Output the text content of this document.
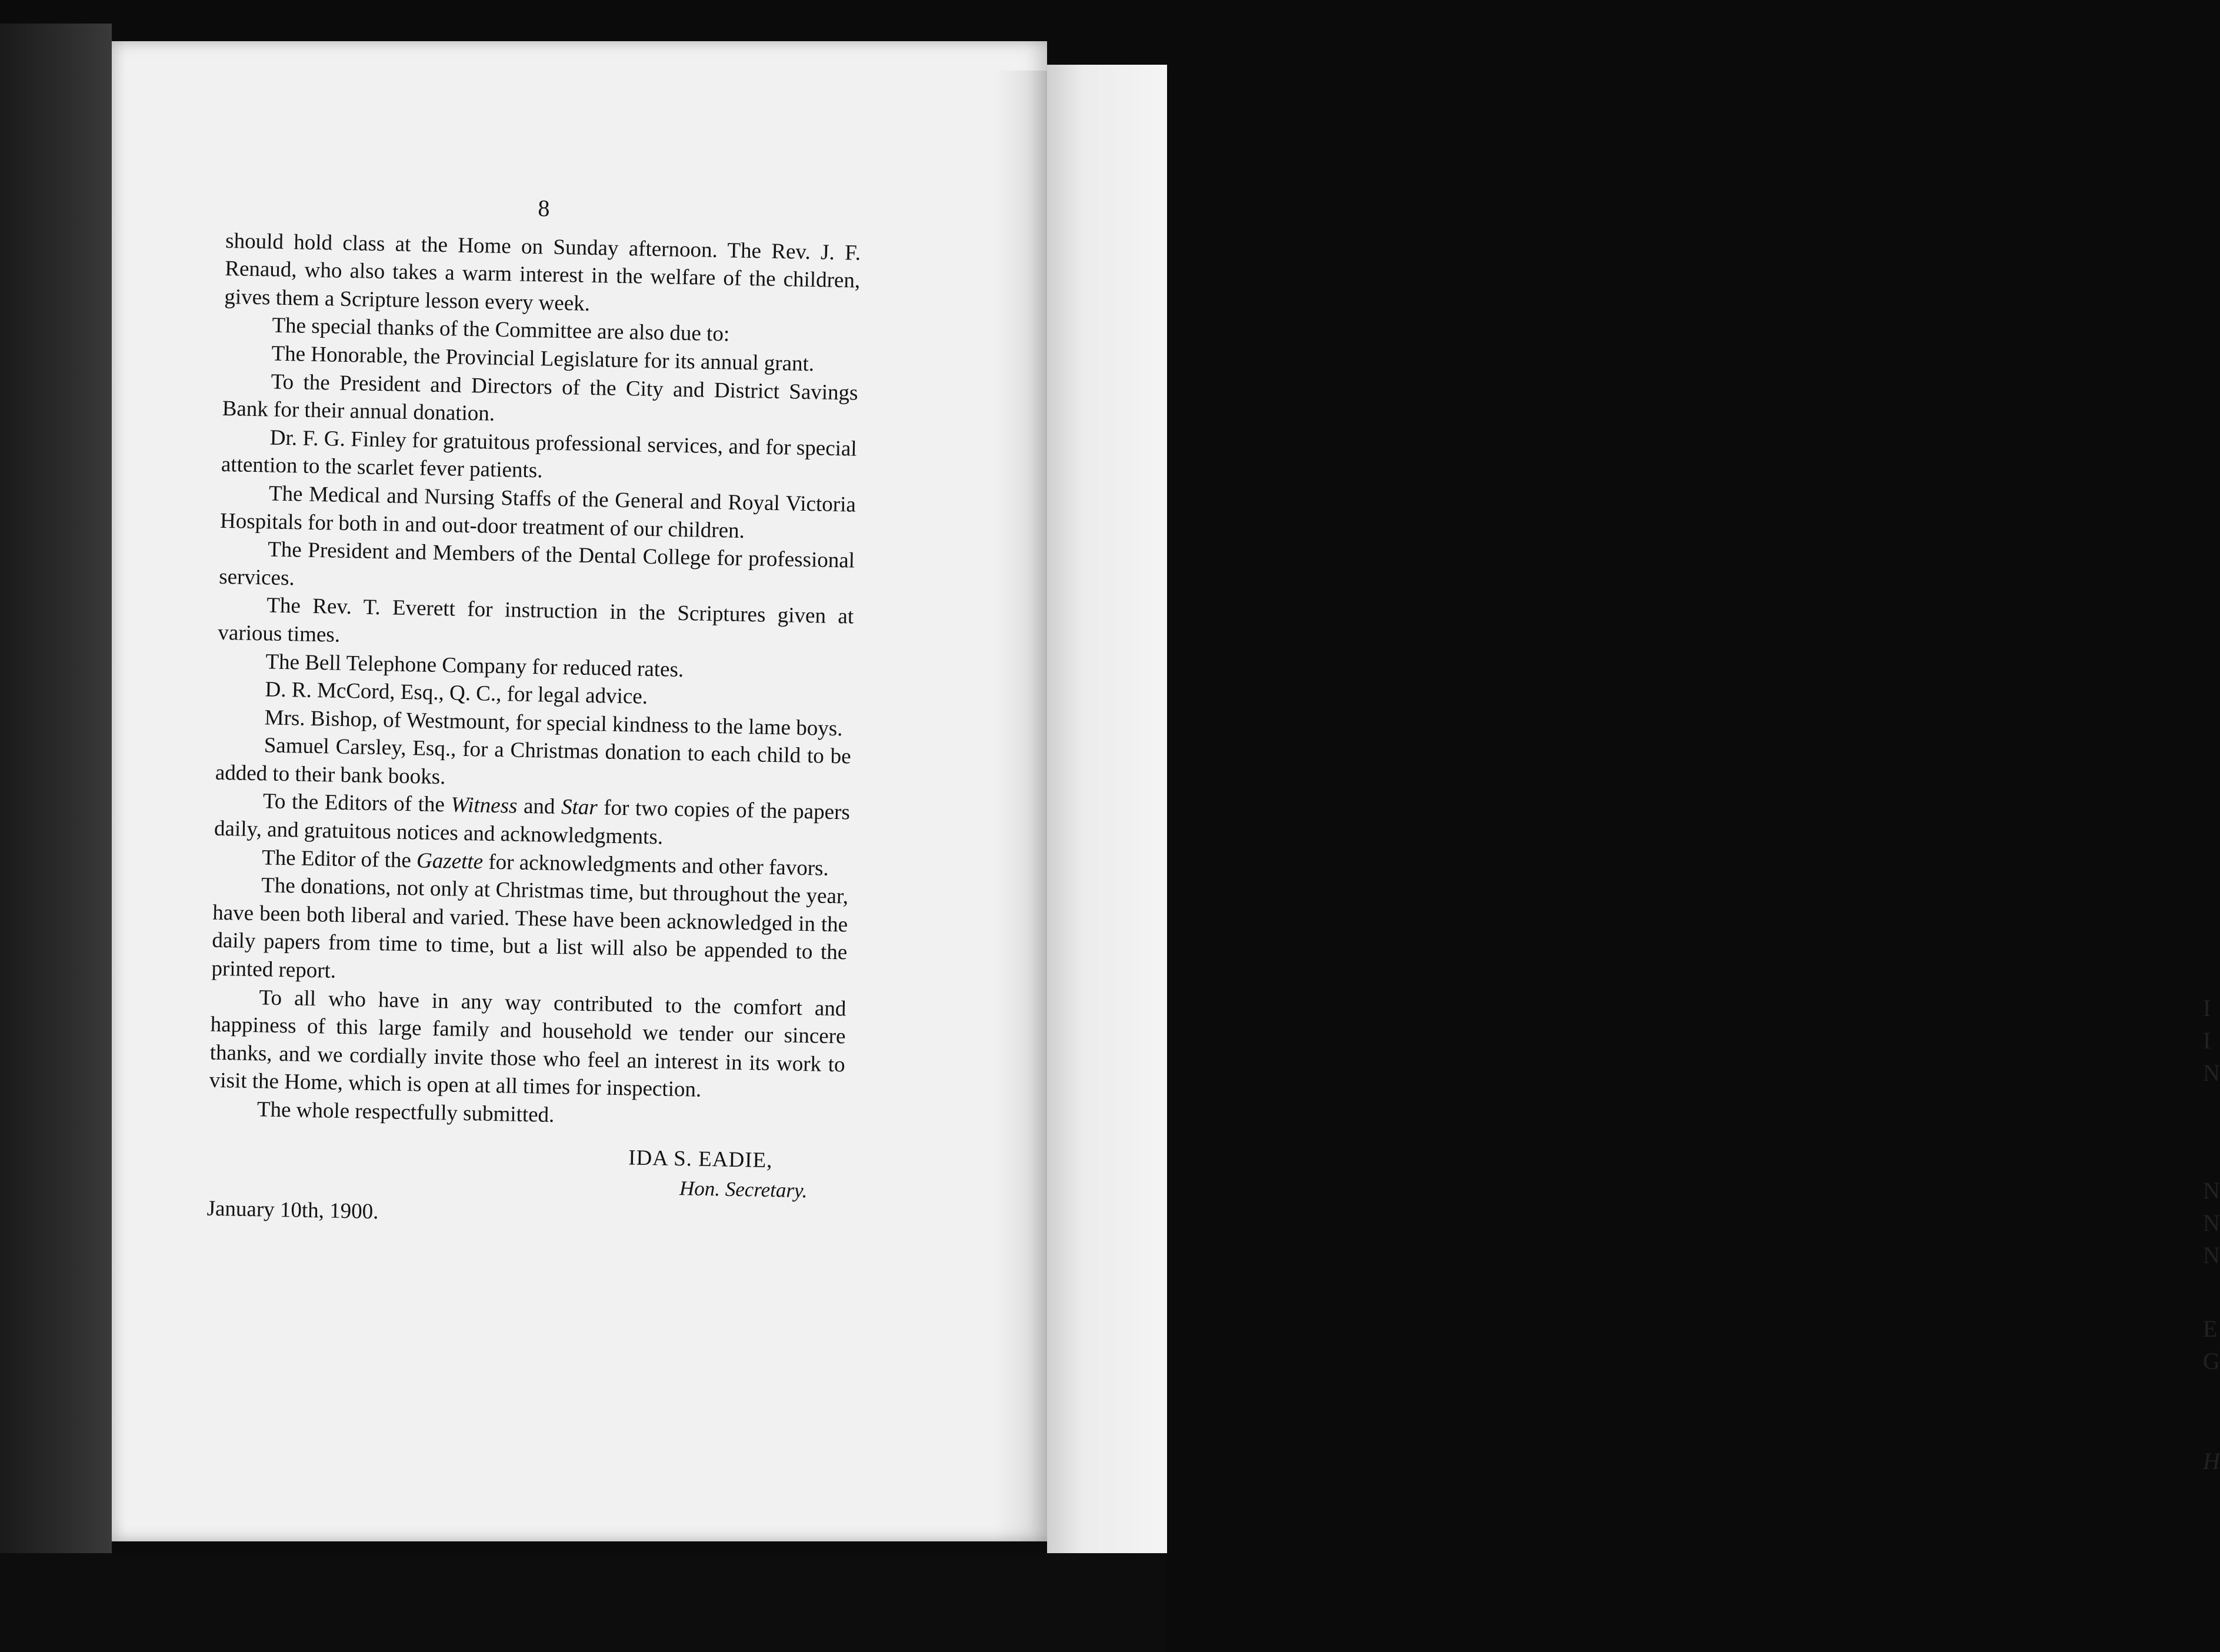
I
I
N
N
N
N
E
G
H
8

should hold class at the Home on Sunday afternoon. The Rev. J. F. Renaud, who also takes a warm interest in the welfare of the children, gives them a Scripture lesson every week.

The special thanks of the Committee are also due to:

The Honorable, the Provincial Legislature for its annual grant.

To the President and Directors of the City and District Savings Bank for their annual donation.

Dr. F. G. Finley for gratuitous professional services, and for special attention to the scarlet fever patients.

The Medical and Nursing Staffs of the General and Royal Victoria Hospitals for both in and out-door treatment of our children.

The President and Members of the Dental College for professional services.

The Rev. T. Everett for instruction in the Scriptures given at various times.

The Bell Telephone Company for reduced rates.

D. R. McCord, Esq., Q. C., for legal advice.

Mrs. Bishop, of Westmount, for special kindness to the lame boys.

Samuel Carsley, Esq., for a Christmas donation to each child to be added to their bank books.

To the Editors of the Witness and Star for two copies of the papers daily, and gratuitous notices and acknowledgments.

The Editor of the Gazette for acknowledgments and other favors.

The donations, not only at Christmas time, but throughout the year, have been both liberal and varied. These have been acknowledged in the daily papers from time to time, but a list will also be appended to the printed report.

To all who have in any way contributed to the comfort and happiness of this large family and household we tender our sincere thanks, and we cordially invite those who feel an interest in its work to visit the Home, which is open at all times for inspection.

The whole respectfully submitted.

IDA S. EADIE,
Hon. Secretary.
January 10th, 1900.
